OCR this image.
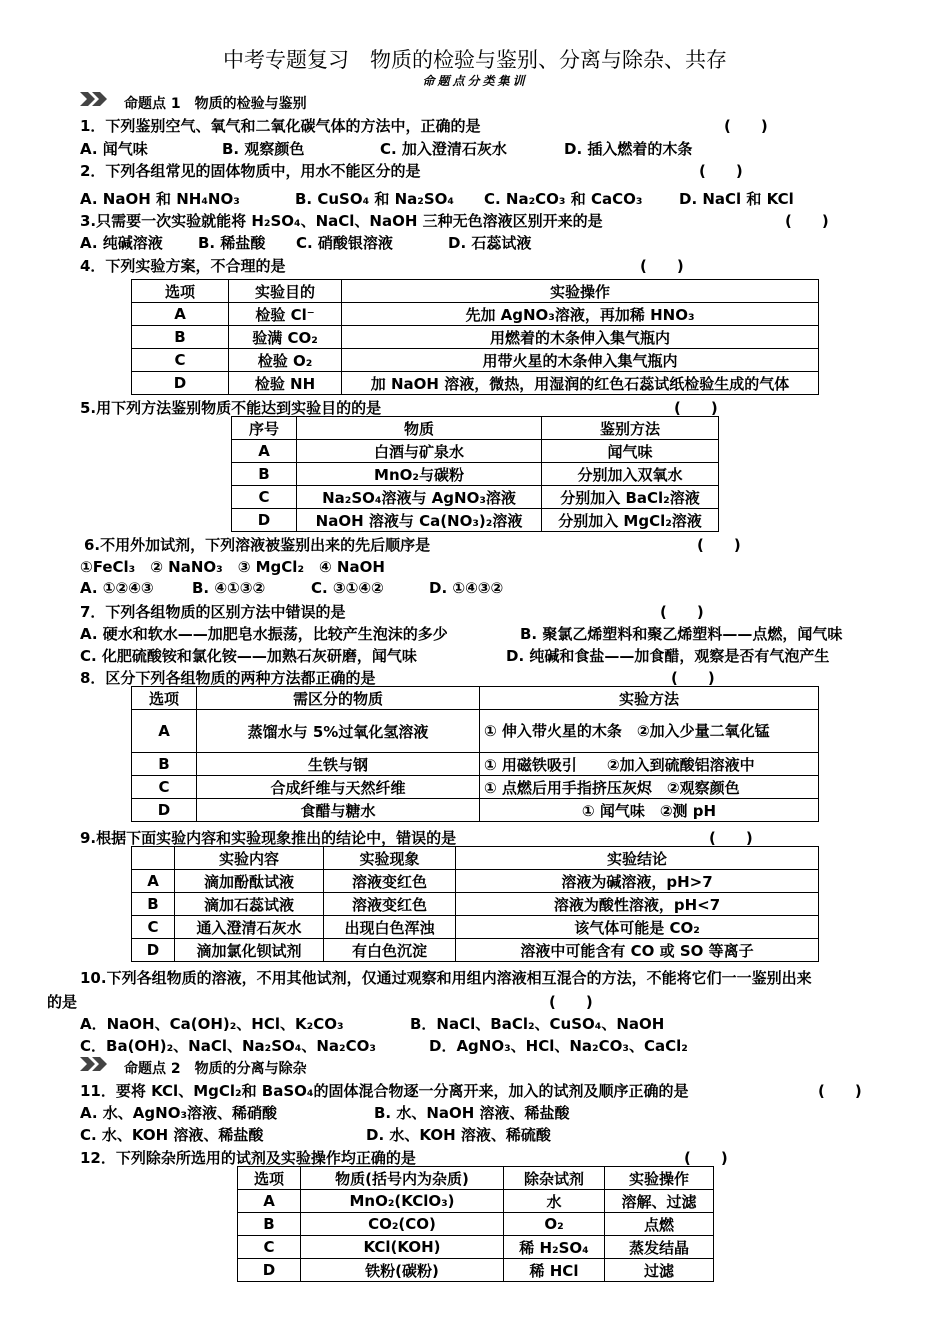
中考专题复习　物质的检验与鉴别、分离与除杂、共存
命题点分类集训
命题点 1　物质的检验与鉴别
1．下列鉴别空气、氧气和二氧化碳气体的方法中，正确的是	(　　)
A. 闻气味	B. 观察颜色	C. 加入澄清石灰水	D. 插入燃着的木条
2．下列各组常见的固体物质中，用水不能区分的是	(　　)
A. NaOH 和 NH₄NO₃	B. CuSO₄ 和 Na₂SO₄ C. Na₂CO₃ 和 CaCO₃ D. NaCl 和 KCl
3.只需要一次实验就能将 H₂SO₄、NaCl、NaOH 三种无色溶液区别开来的是	(　　)
A. 纯碱溶液 B. 稀盐酸 C. 硝酸银溶液	D. 石蕊试液
4．下列实验方案，不合理的是	(　　)
选项	实验目的	实验操作
A	检验 Cl⁻	先加 AgNO₃溶液，再加稀 HNO₃
B	验满 CO₂	用燃着的木条伸入集气瓶内
C	检验 O₂	用带火星的木条伸入集气瓶内
D	检验 NH	加 NaOH 溶液，微热，用湿润的红色石蕊试纸检验生成的气体
5.用下列方法鉴别物质不能达到实验目的的是	(　　)
序号	物质	鉴别方法
A	白酒与矿泉水	闻气味
B	MnO₂与碳粉	分别加入双氧水
C	Na₂SO₄溶液与 AgNO₃溶液	分别加入 BaCl₂溶液
D	NaOH 溶液与 Ca(NO₃)₂溶液	分别加入 MgCl₂溶液
6.不用外加试剂，下列溶液被鉴别出来的先后顺序是	(　　)
①FeCl₃　② NaNO₃　③ MgCl₂　④ NaOH
A. ①②④③	B. ④①③②	C. ③①④②	D. ①④③②
7．下列各组物质的区别方法中错误的是	(　　)
A. 硬水和软水——加肥皂水振荡，比较产生泡沫的多少	B. 聚氯乙烯塑料和聚乙烯塑料——点燃，闻气味
C. 化肥硫酸铵和氯化铵——加熟石灰研磨，闻气味	D. 纯碱和食盐——加食醋，观察是否有气泡产生
8．区分下列各组物质的两种方法都正确的是	(　　)
选项	需区分的物质	实验方法
A	蒸馏水与 5%过氧化氢溶液	① 伸入带火星的木条　②加入少量二氧化锰
B	生铁与钢	① 用磁铁吸引　　②加入到硫酸铝溶液中
C	合成纤维与天然纤维	① 点燃后用手指挤压灰烬　②观察颜色
D	食醋与糖水	① 闻气味　②测 pH
9.根据下面实验内容和实验现象推出的结论中，错误的是	(　　)
	实验内容	实验现象	实验结论
A	滴加酚酞试液	溶液变红色	溶液为碱溶液，pH>7
B	滴加石蕊试液	溶液变红色	溶液为酸性溶液，pH<7
C	通入澄清石灰水	出现白色浑浊	该气体可能是 CO₂
D	滴加氯化钡试剂	有白色沉淀	溶液中可能含有 CO 或 SO 等离子
10.下列各组物质的溶液，不用其他试剂，仅通过观察和用组内溶液相互混合的方法，不能将它们一一鉴别出来
的是	(　　)
A．NaOH、Ca(OH)₂、HCl、K₂CO₃	B．NaCl、BaCl₂、CuSO₄、NaOH
C．Ba(OH)₂、NaCl、Na₂SO₄、Na₂CO₃	D．AgNO₃、HCl、Na₂CO₃、CaCl₂
命题点 2　物质的分离与除杂
11．要将 KCl、MgCl₂和 BaSO₄的固体混合物逐一分离开来，加入的试剂及顺序正确的是	(　　)
A. 水、AgNO₃溶液、稀硝酸	B. 水、NaOH 溶液、稀盐酸
C. 水、KOH 溶液、稀盐酸	D. 水、KOH 溶液、稀硫酸
12．下列除杂所选用的试剂及实验操作均正确的是	(　　)
选项	物质(括号内为杂质)	除杂试剂	实验操作
A	MnO₂(KClO₃)	水	溶解、过滤
B	CO₂(CO)	O₂	点燃
C	KCl(KOH)	稀 H₂SO₄	蒸发结晶
D	铁粉(碳粉)	稀 HCl	过滤
